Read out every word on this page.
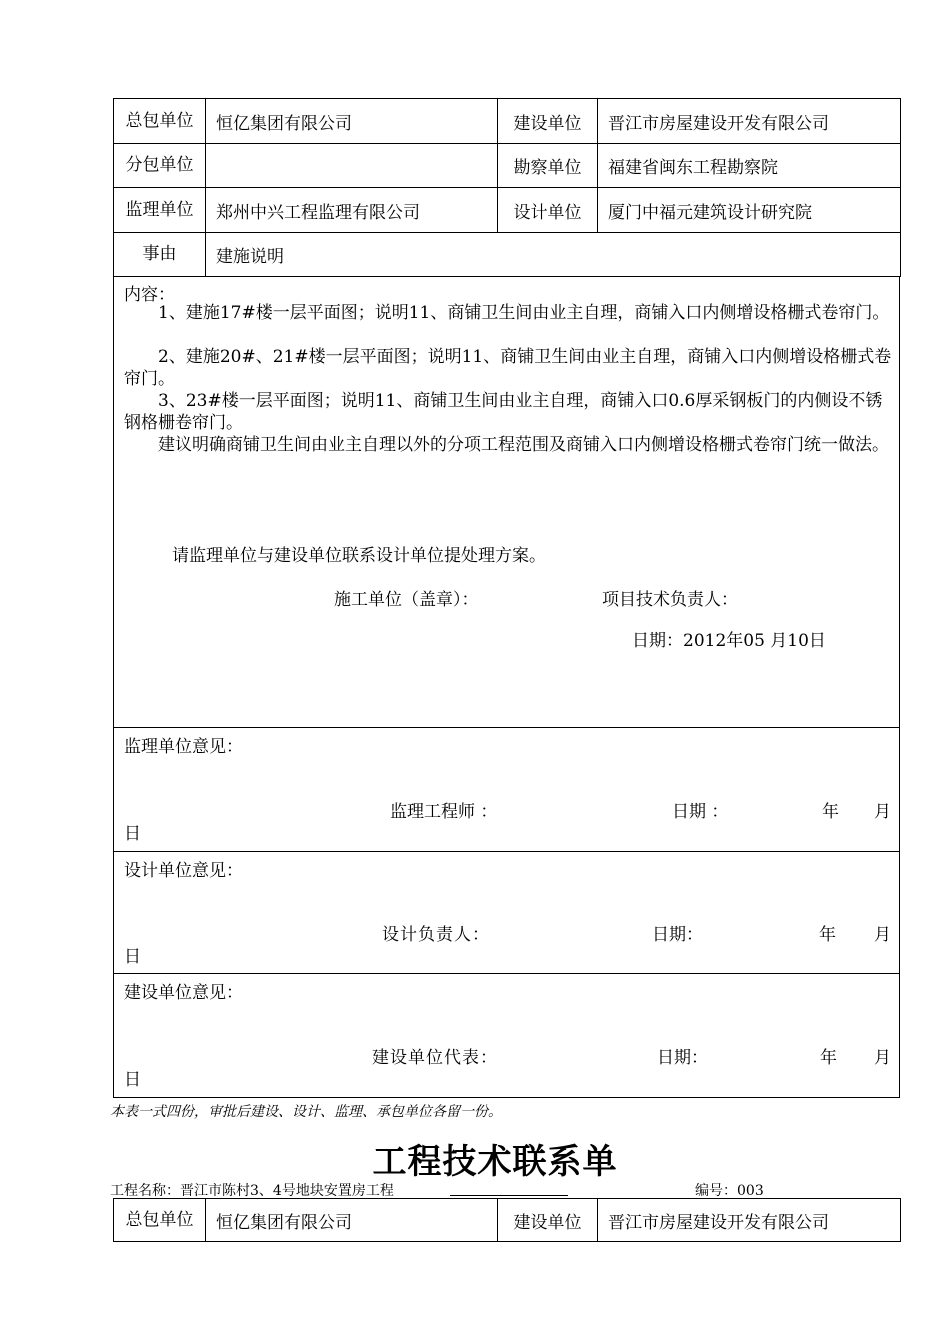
总包单位	恒亿集团有限公司	建设单位	晋江市房屋建设开发有限公司
分包单位		勘察单位	福建省闽东工程勘察院
监理单位	郑州中兴工程监理有限公司	设计单位	厦门中福元建筑设计研究院
事由	建施说明		
内容：
1、建施17#楼一层平面图；说明11、商铺卫生间由业主自理，商铺入口内侧增设格栅式卷帘门。
2、建施20#、21#楼一层平面图；说明11、商铺卫生间由业主自理，商铺入口内侧增设格栅式卷帘门。
3、23#楼一层平面图；说明11、商铺卫生间由业主自理，商铺入口0.6厚采钢板门的内侧设不锈钢格栅卷帘门。
建议明确商铺卫生间由业主自理以外的分项工程范围及商铺入口内侧增设格栅式卷帘门统一做法。
请监理单位与建设单位联系设计单位提处理方案。
施工单位（盖章）：	项目技术负责人：
日期：2012年05 月10日
监理单位意见：
监理工程师 ：	日期 ：	年 月
日
设计单位意见：
设计负责人：	日期：	年 月
日
建设单位意见：
建设单位代表：	日期：	年 月
日
本表一式四份，审批后建设、设计、监理、承包单位各留一份。
工程技术联系单
工程名称：晋江市陈村3、4号地块安置房工程	编号：003
总包单位	恒亿集团有限公司	建设单位	晋江市房屋建设开发有限公司
